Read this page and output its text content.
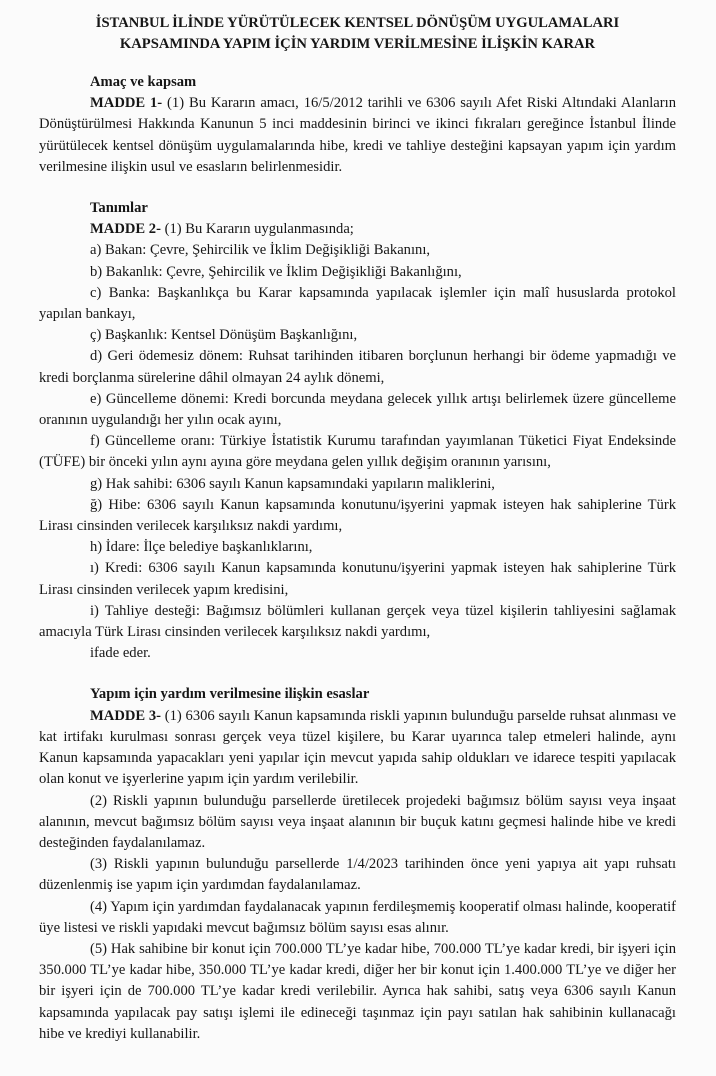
İSTANBUL İLİNDE YÜRÜTÜLECEK KENTSEL DÖNÜŞÜM UYGULAMALARI
KAPSAMINDA YAPIM İÇİN YARDIM VERİLMESİNE İLİŞKİN KARAR
Amaç ve kapsam

MADDE 1- (1) Bu Kararın amacı, 16/5/2012 tarihli ve 6306 sayılı Afet Riski Altındaki Alanların Dönüştürülmesi Hakkında Kanunun 5 inci maddesinin birinci ve ikinci fıkraları gereğince İstanbul İlinde yürütülecek kentsel dönüşüm uygulamalarında hibe, kredi ve tahliye desteğini kapsayan yapım için yardım verilmesine ilişkin usul ve esasların belirlenmesidir.

Tanımlar

MADDE 2- (1) Bu Kararın uygulanmasında;

a) Bakan: Çevre, Şehircilik ve İklim Değişikliği Bakanını,

b) Bakanlık: Çevre, Şehircilik ve İklim Değişikliği Bakanlığını,

c) Banka: Başkanlıkça bu Karar kapsamında yapılacak işlemler için malî hususlarda protokol yapılan bankayı,

ç) Başkanlık: Kentsel Dönüşüm Başkanlığını,

d) Geri ödemesiz dönem: Ruhsat tarihinden itibaren borçlunun herhangi bir ödeme yapmadığı ve kredi borçlanma sürelerine dâhil olmayan 24 aylık dönemi,

e) Güncelleme dönemi: Kredi borcunda meydana gelecek yıllık artışı belirlemek üzere güncelleme oranının uygulandığı her yılın ocak ayını,

f) Güncelleme oranı: Türkiye İstatistik Kurumu tarafından yayımlanan Tüketici Fiyat Endeksinde (TÜFE) bir önceki yılın aynı ayına göre meydana gelen yıllık değişim oranının yarısını,

g) Hak sahibi: 6306 sayılı Kanun kapsamındaki yapıların maliklerini,

ğ) Hibe: 6306 sayılı Kanun kapsamında konutunu/işyerini yapmak isteyen hak sahiplerine Türk Lirası cinsinden verilecek karşılıksız nakdi yardımı,

h) İdare: İlçe belediye başkanlıklarını,

ı) Kredi: 6306 sayılı Kanun kapsamında konutunu/işyerini yapmak isteyen hak sahiplerine Türk Lirası cinsinden verilecek yapım kredisini,

i) Tahliye desteği: Bağımsız bölümleri kullanan gerçek veya tüzel kişilerin tahliyesini sağlamak amacıyla Türk Lirası cinsinden verilecek karşılıksız nakdi yardımı,

ifade eder.

Yapım için yardım verilmesine ilişkin esaslar

MADDE 3- (1) 6306 sayılı Kanun kapsamında riskli yapının bulunduğu parselde ruhsat alınması ve kat irtifakı kurulması sonrası gerçek veya tüzel kişilere, bu Karar uyarınca talep etmeleri halinde, aynı Kanun kapsamında yapacakları yeni yapılar için mevcut yapıda sahip oldukları ve idarece tespiti yapılacak olan konut ve işyerlerine yapım için yardım verilebilir.

(2) Riskli yapının bulunduğu parsellerde üretilecek projedeki bağımsız bölüm sayısı veya inşaat alanının, mevcut bağımsız bölüm sayısı veya inşaat alanının bir buçuk katını geçmesi halinde hibe ve kredi desteğinden faydalanılamaz.

(3) Riskli yapının bulunduğu parsellerde 1/4/2023 tarihinden önce yeni yapıya ait yapı ruhsatı düzenlenmiş ise yapım için yardımdan faydalanılamaz.

(4) Yapım için yardımdan faydalanacak yapının ferdileşmemiş kooperatif olması halinde, kooperatif üye listesi ve riskli yapıdaki mevcut bağımsız bölüm sayısı esas alınır.

(5) Hak sahibine bir konut için 700.000 TL’ye kadar hibe, 700.000 TL’ye kadar kredi, bir işyeri için 350.000 TL’ye kadar hibe, 350.000 TL’ye kadar kredi, diğer her bir konut için 1.400.000 TL’ye ve diğer her bir işyeri için de 700.000 TL’ye kadar kredi verilebilir. Ayrıca hak sahibi, satış veya 6306 sayılı Kanun kapsamında yapılacak pay satışı işlemi ile edineceği taşınmaz için payı satılan hak sahibinin kullanacağı hibe ve krediyi kullanabilir.
